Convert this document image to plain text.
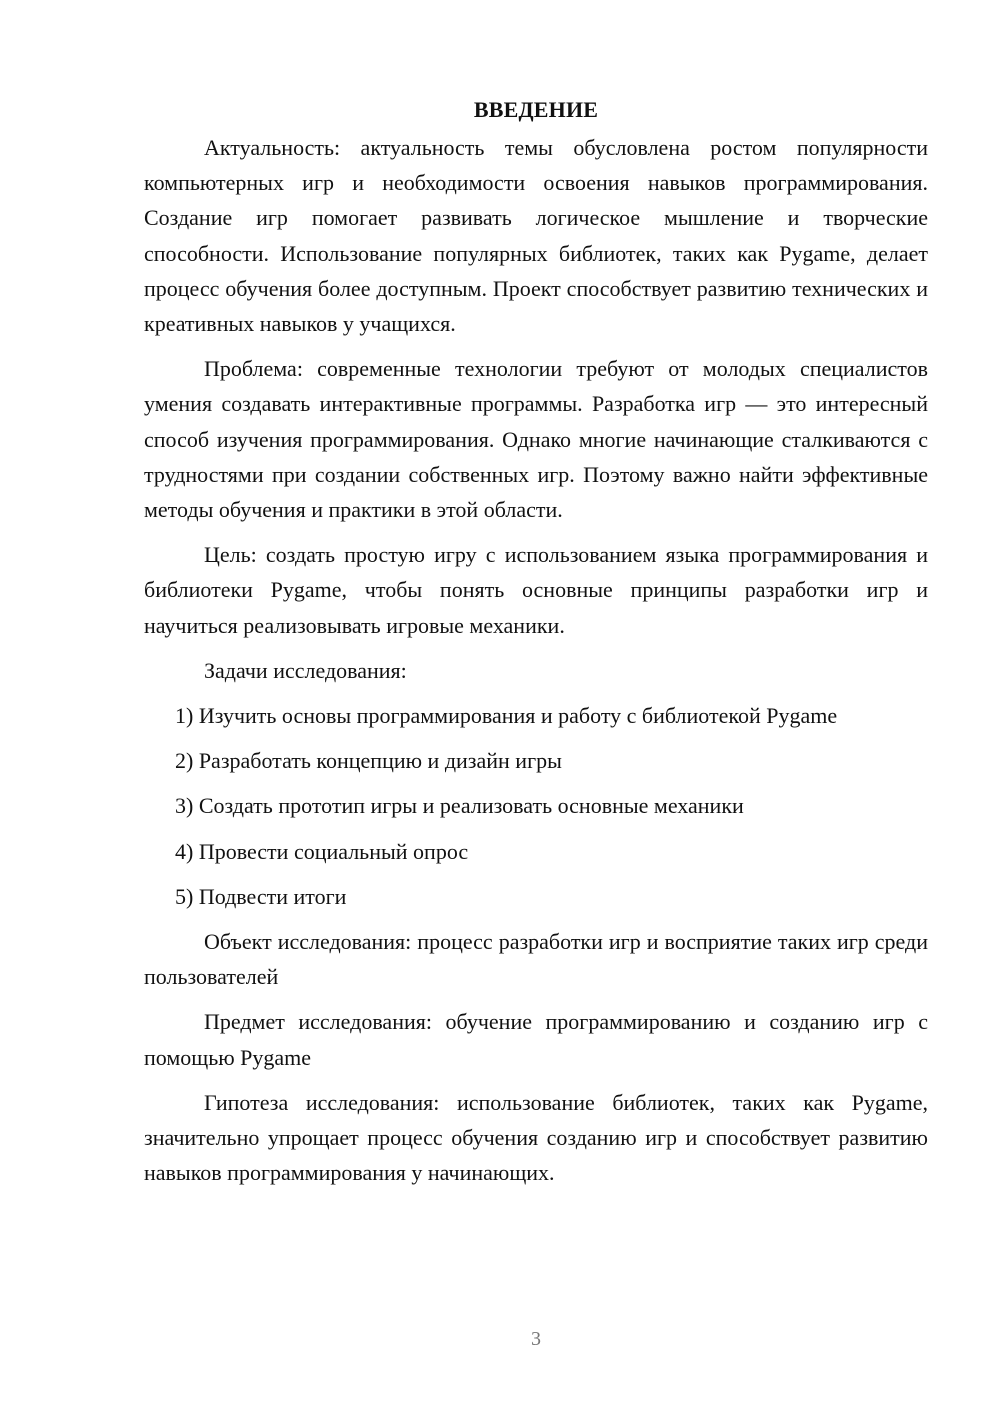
ВВЕДЕНИЕ

Актуальность: актуальность темы обусловлена ростом популярности компьютерных игр и необходимости освоения навыков программирования. Создание игр помогает развивать логическое мышление и творческие способности. Использование популярных библиотек, таких как Pygame, делает процесс обучения более доступным. Проект способствует развитию технических и креативных навыков у учащихся.

Проблема: современные технологии требуют от молодых специалистов умения создавать интерактивные программы. Разработка игр — это интересный способ изучения программирования. Однако многие начинающие сталкиваются с трудностями при создании собственных игр. Поэтому важно найти эффективные методы обучения и практики в этой области.

Цель: создать простую игру с использованием языка программирования и библиотеки Pygame, чтобы понять основные принципы разработки игр и научиться реализовывать игровые механики.

Задачи исследования:

1) Изучить основы программирования и работу с библиотекой Pygame
2) Разработать концепцию и дизайн игры
3) Создать прототип игры и реализовать основные механики
4) Провести социальный опрос
5) Подвести итоги

Объект исследования: процесс разработки игр и восприятие таких игр среди пользователей

Предмет исследования: обучение программированию и созданию игр с помощью Pygame

Гипотеза исследования: использование библиотек, таких как Pygame, значительно упрощает процесс обучения созданию игр и способствует развитию навыков программирования у начинающих.

3
